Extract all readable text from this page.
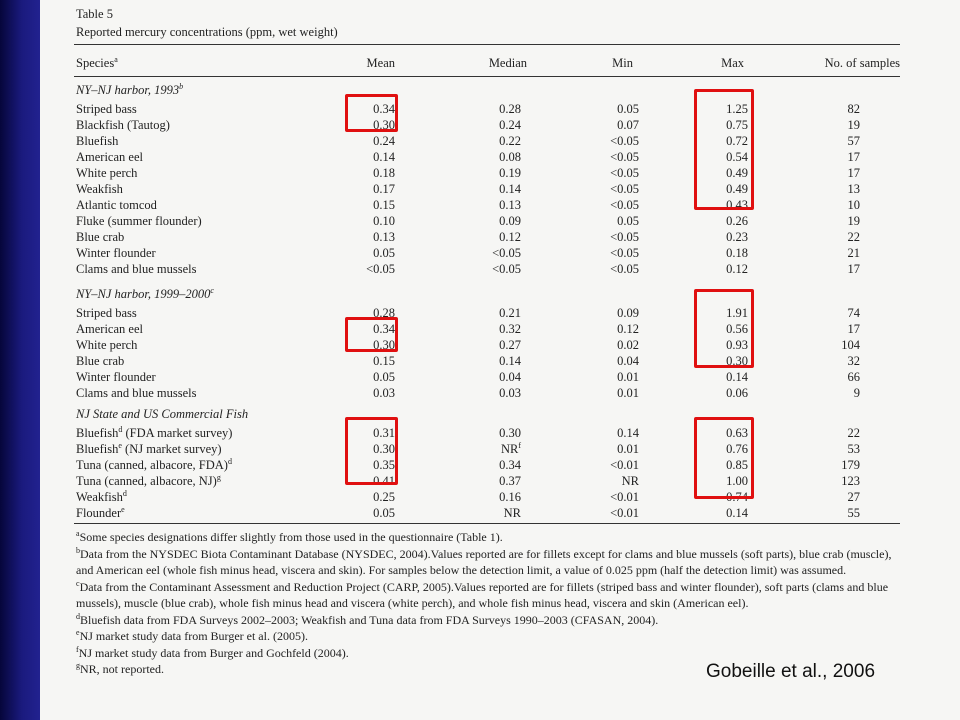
Table 5
Reported mercury concentrations (ppm, wet weight)
Species$^a$	Mean	Median	Min	Max	No. of samples
NY–NJ harbor, 1993$^b$
Striped bass	0.34	0.28	0.05	1.25	82
Blackfish (Tautog)	0.30	0.24	0.07	0.75	19
Bluefish	0.24	0.22	<0.05	0.72	57
American eel	0.14	0.08	<0.05	0.54	17
White perch	0.18	0.19	<0.05	0.49	17
Weakfish	0.17	0.14	<0.05	0.49	13
Atlantic tomcod	0.15	0.13	<0.05	0.43	10
Fluke (summer flounder)	0.10	0.09	0.05	0.26	19
Blue crab	0.13	0.12	<0.05	0.23	22
Winter flounder	0.05	<0.05	<0.05	0.18	21
Clams and blue mussels	<0.05	<0.05	<0.05	0.12	17
NY–NJ harbor, 1999–2000$^c$
Striped bass	0.28	0.21	0.09	1.91	74
American eel	0.34	0.32	0.12	0.56	17
White perch	0.30	0.27	0.02	0.93	104
Blue crab	0.15	0.14	0.04	0.30	32
Winter flounder	0.05	0.04	0.01	0.14	66
Clams and blue mussels	0.03	0.03	0.01	0.06	9
NJ State and US Commercial Fish
Bluefish$^d$ (FDA market survey)	0.31	0.30	0.14	0.63	22
Bluefish$^e$ (NJ market survey)	0.30	$NR^f$	0.01	0.76	53
Tuna (canned, albacore, FDA)$^d$	0.35	0.34	<0.01	0.85	179
Tuna (canned, albacore, NJ)$^g$	0.41	0.37	NR	1.00	123
Weakfish$^d$	0.25	0.16	<0.01	0.74	27
Flounder$^e$	0.05	NR	<0.01	0.14	55

$^a$Some species designations differ slightly from those used in the questionnaire (Table 1).

$^b$Data from the NYSDEC Biota Contaminant Database (NYSDEC, 2004).Values reported are for fillets except for clams and blue mussels (soft parts), blue crab (muscle), and American eel (whole fish minus head, viscera and skin). For samples below the detection limit, a value of 0.025 ppm (half the detection limit) was assumed.

$^c$Data from the Contaminant Assessment and Reduction Project (CARP, 2005).Values reported are for fillets (striped bass and winter flounder), soft parts (clams and blue mussels), muscle (blue crab), whole fish minus head and viscera (white perch), and whole fish minus head, viscera and skin (American eel).

$^d$Bluefish data from FDA Surveys 2002–2003; Weakfish and Tuna data from FDA Surveys 1990–2003 (CFASAN, 2004).

$^e$NJ market study data from Burger et al. (2005).

$^f$NJ market study data from Burger and Gochfeld (2004).

$^g$NR, not reported.	Gobeille et al., 2006
